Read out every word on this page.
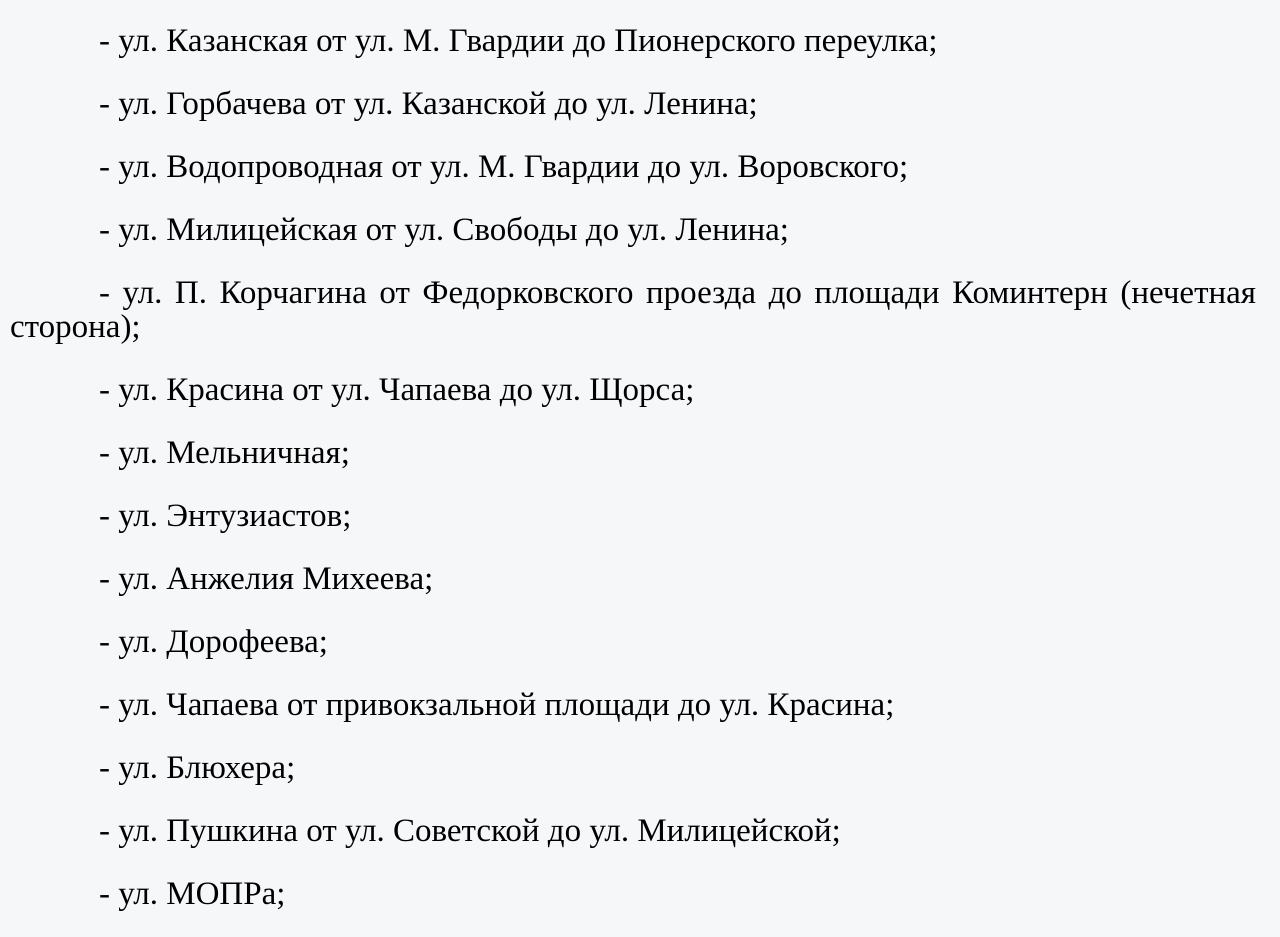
- ул. Казанская от ул. М. Гвардии до Пионерского переулка;

- ул. Горбачева от ул. Казанской до ул. Ленина;

- ул. Водопроводная от ул. М. Гвардии до ул. Воровского;

- ул. Милицейская от ул. Свободы до ул. Ленина;

- ул. П. Корчагина от Федорковского проезда до площади Коминтерн (нечетная сторона);

- ул. Красина от ул. Чапаева до ул. Щорса;

- ул. Мельничная;

- ул. Энтузиастов;

- ул. Анжелия Михеева;

- ул. Дорофеева;

- ул. Чапаева от привокзальной площади до ул. Красина;

- ул. Блюхера;

- ул. Пушкина от ул. Советской до ул. Милицейской;

- ул. МОПРа;
